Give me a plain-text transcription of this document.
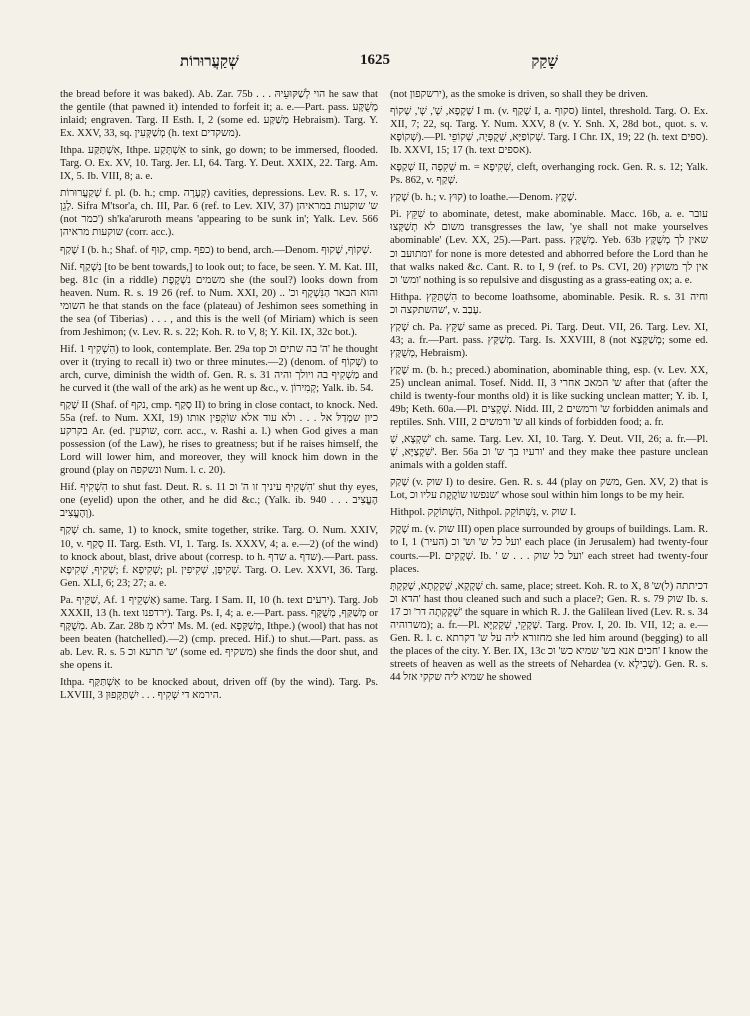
שְׁקַעֲרוּרוֹת	1625	שָׁקַק

the bread before it was baked). Ab. Zar. 75b . . . הוי לְשַׁקּוּעֵיהּ he saw that the gentile (that pawned it) intended to forfeit it; a. e.—Part. pass. מְשֻׁקָּע inlaid; engraven. Targ. II Esth. I, 2 (some ed. מְשַׁקַּע Hebraism). Targ. Y. Ex. XXV, 33, sq. מְשַׁקְּעִין (h. text משקדים).

Ithpa. אִשְׁתַּקַּע, Ithpe. אִשְׁתְּקַע to sink, go down; to be immersed, flooded. Targ. O. Ex. XV, 10. Targ. Jer. LI, 64. Targ. Y. Deut. XXIX, 22. Targ. Am. IX, 5. Ib. VIII, 8; a. e.

שְׁקַעֲרוּרוֹת f. pl. (b. h.; cmp. קְעָרָה) cavities, depressions. Lev. R. s. 17, v. לָגֵן. Sifra M'tsor'a, ch. III, Par. 6 (ref. to Lev. XIV, 37) ש' שוקעות במראיהן (not כמר') sh'ka'aruroth means 'appearing to be sunk in'; Yalk. Lev. 566 שוקעות מראיהן (corr. acc.).

שָׁקַף I (b. h.; Shaf. of קוּף, cmp. כפף) to bend, arch.—Denom. שְׁקוֹף, שָׁקוּף.

Nif. נִשְׁקַף [to be bent towards,] to look out; to face, be seen. Y. M. Kat. III, beg. 81c (in a riddle) משמים נִשְׁקֶפֶת she (the soul?) looks down from heaven. Num. R. s. 19 26 (ref. to Num. XXI, 20) והוא הבאר הַנִּשְׁקָף וכ' .. השומי he that stands on the face (plateau) of Jeshimon sees something in the sea (of Tiberias) . . . , and this is the well (of Miriam) which is seen from Jeshimon; (v. Lev. R. s. 22; Koh. R. to V, 8; Y. Kil. IX, 32c bot.).

Hif. הִשְׁקִיף 1) to look, contemplate. Ber. 29a top ה' בה שתים וכ' he thought over it (trying to recall it) two or three minutes.—2) (denom. of שְׁקוֹף) to arch, curve, diminish the width of. Gen. R. s. 31 מַשְׁקִיף בה ויולך והיה and he curved it (the wall of the ark) as he went up &c., v. קְמִירוֹן; Yalk. ib. 54.

שָׁקַף II (Shaf. of נקף, cmp. סָקַף II) to bring in close contact, to knock. Ned. 55a (ref. to Num. XXI, 19) כיון שמְדַלּ אל . . . ולא עוד אלא שוֹקְפִין אותו בקרקע Ar. (ed. שוקעין, corr. acc., v. Rashi a. l.) when God gives a man possession (of the Law), he rises to greatness; but if he raises himself, the Lord will lower him, and moreover, they will knock him down in the ground (play on ונשקפה Num. l. c. 20).

Hif. הִשְׁקִיף to shut fast. Deut. R. s. 11 הִשְׁקִיף עיניך זו ה' וכ' shut thy eyes, one (eyelid) upon the other, and he did &c.; (Yalk. ib. 940 הֶעֱצִיב . . . וְהֶעֱצִיב).

שְׁקַף ch. same, 1) to knock, smite together, strike. Targ. O. Num. XXIV, 10, v. סְקַף II. Targ. Esth. VI, 1. Targ. Is. XXXV, 4; a. e.—2) (of the wind) to knock about, blast, drive about (corresp. to h. שדף a. שדף).—Part. pass. שְׁקִיף, שְׁקִיפָא; f. שְׁקִיפָא; pl. שְׁקִיפָן, שְׁקִיפִין. Targ. O. Lev. XXVI, 36. Targ. Gen. XLI, 6; 23; 27; a. e.

Pa. שַׁקֵּיף, Af. אַשְׁקֵיף 1) same. Targ. I Sam. II, 10 (h. text ירעים). Targ. Job XXXII, 13 (h. text ירדפנו). Targ. Ps. I, 4; a. e.—Part. pass. מְשַׁקַּף, מְשֻׁקָּף or מְשֻׁקָּף. Ab. Zar. 28b דלא מְ' Ms. M. (ed. מְשַׁקְּפָא, Ithpe.) (wool) that has not been beaten (hatchelled).—2) (cmp. preced. Hif.) to shut.—Part. pass. as ab. Lev. R. s. 5 ש' תרעא וכ' (some ed. משקיף) she finds the door shut, and she opens it.

Ithpa. אִשְׁתַּקַּף to be knocked about, driven off (by the wind). Targ. Ps. LXVIII, 3 הירמא די שְׁקִיף . . . יִשְׁתַּקְּפוּן.

(not ירשקפון), as the smoke is driven, so shall they be driven.

שְׁקָפָא, שְׁ', שְׁ', שְׁקוֹף I m. (v. שָׁקַף I, a. סקוף) lintel, threshold. Targ. O. Ex. XII, 7; 22, sq. Targ. Y. Num. XXV, 8 (v. Y. Snh. X, 28d bot., quot. s. v. שְׁקוֹפָא).—Pl. שְׁקוֹפַיָּא, שְׁקֻפְּיָה, שְׁקוֹפֵי. Targ. I Chr. IX, 19; 22 (h. text ספים). Ib. XXVI, 15; 17 (h. text אספים).

שְׁקַפָא II, שְׁקִפָה m. = שְׁקִיפָא, cleft, overhanging rock. Gen. R. s. 12; Yalk. Ps. 862, v. שְׁקַף.

שָׁקַץ (b. h.; v. קוּץ) to loathe.—Denom. שֶׁקֶץ.

Pi. שִׁקֵּץ to abominate, detest, make abominable. Macc. 16b, a. e. עובר משום לא תְשַׁקְּצוּ transgresses the law, 'ye shall not make yourselves abominable' (Lev. XX, 25).—Part. pass. מְשֻׁקָּץ. Yeb. 63b שאין לך מְשֻׁקָּץ ומתועב וכ' for none is more detested and abhorred before the Lord than he that walks naked &c. Cant. R. to I, 9 (ref. to Ps. CVI, 20) אין לך משוקץ ומש' וכ' nothing is so repulsive and disgusting as a grass-eating ox; a. e.

Hithpa. הִשְׁתַּקֵּץ to become loathsome, abominable. Pesik. R. s. 31 וחיה שהשתקצה וכ', v. עָבַב.

שְׁקַץ ch. Pa. שַׁקֵּץ same as preced. Pi. Targ. Deut. VII, 26. Targ. Lev. XI, 43; a. fr.—Part. pass. מְשַׁקַּץ. Targ. Is. XXVIII, 8 (not מְשַׁקְּצַא; some ed. מְשֻׁקָּץ, Hebraism).

שֶׁקֶץ m. (b. h.; preced.) abomination, abominable thing, esp. (v. Lev. XX, 25) unclean animal. Tosef. Nidd. II, 3 ש' המאכ אחרי after that (after the child is twenty-four months old) it is like sucking unclean matter; Y. ib. I, 49b; Keth. 60a.—Pl. שְׁקָצִים. Nidd. III, 2 ש' ורמשים forbidden animals and reptiles. Snh. VIII, 2 ש' ורמשים all kinds of forbidden food; a. fr.

שִׁקְצָא, שְׁ' ch. same. Targ. Lev. XI, 10. Targ. Y. Deut. VII, 26; a. fr.—Pl. שִׁקְצַיָּא, שְׁ'. Ber. 56a ורעיו בך ש' וכ' and they make thee pasture unclean animals with a golden staff.

שָׁקַק (v. שוק I) to desire. Gen. R. s. 44 (play on משק, Gen. XV, 2) that is Lot, שנפשו שוֹקֶקֶת עליו וכ' whose soul within him longs to be my heir.

Hithpol. הִשְׁתּוֹקֵק, Nithpol. נִשְׁתּוֹקֵק, v. שוק I.

שֶׁקֶק m. (v. שוק III) open place surrounded by groups of buildings. Lam. R. to I, 1 (העיר) ועל כל ש' וש' וכ' each place (in Jerusalem) had twenty-four courts.—Pl. שְׁקָקִים. Ib. ' ועל כל שוק . . . ש' each street had twenty-four places.

שְׁקָקָא, שְׁקַקְתָא, שְׁקַקְתְּ ch. same, place; street. Koh. R. to X, 8 דכיתתה (ל)ש' הדא וכ' hast thou cleaned such and such a place?; Gen. R. s. 79 שוק Ib. s. 17 שְׁקָקְתָה דר' וכ' the square in which R. J. the Galilean lived (Lev. R. s. 34 משרוהיה); a. fr.—Pl. שְׁקָקֵי, שְׁקָקַיָּא. Targ. Prov. I, 20. Ib. VII, 12; a. e.—Gen. R. l. c. מחזורא ליה על ש' דקרתא she led him around (begging) to all the places of the city. Y. Ber. IX, 13c חכים אנא בש' שמיא כש' וכ' I know the streets of heaven as well as the streets of Nehardea (v. שְׁבִילָא). Gen. R. s. 44 שמיא ליה שקקי אזל he showed
